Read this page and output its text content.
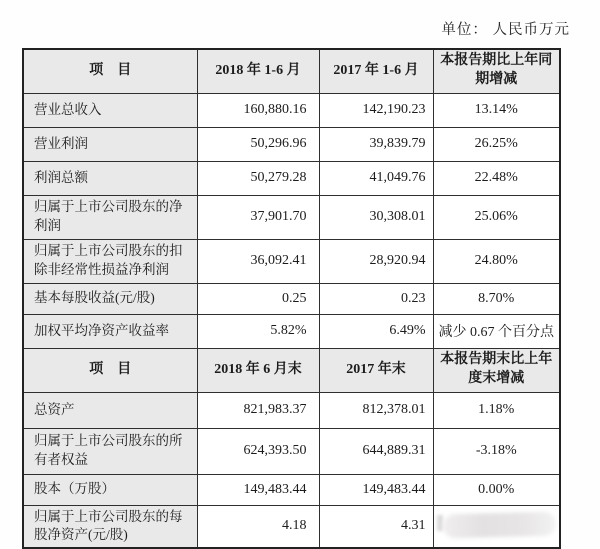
单位： 人民币万元
项　目	2018 年 1-6 月	2017 年 1-6 月	本报告期比上年同期增减
营业总收入	160,880.16	142,190.23	13.14%
营业利润	50,296.96	39,839.79	26.25%
利润总额	50,279.28	41,049.76	22.48%
归属于上市公司股东的净利润	37,901.70	30,308.01	25.06%
归属于上市公司股东的扣除非经常性损益净利润	36,092.41	28,920.94	24.80%
基本每股收益(元/股)	0.25	0.23	8.70%
加权平均净资产收益率	5.82%	6.49%	减少 0.67 个百分点
项　目	2018 年 6 月末	2017 年末	本报告期末比上年度末增减
总资产	821,983.37	812,378.01	1.18%
归属于上市公司股东的所有者权益	624,393.50	644,889.31	-3.18%
股本（万股）	149,483.44	149,483.44	0.00%
归属于上市公司股东的每股净资产(元/股)	4.18	4.31	
